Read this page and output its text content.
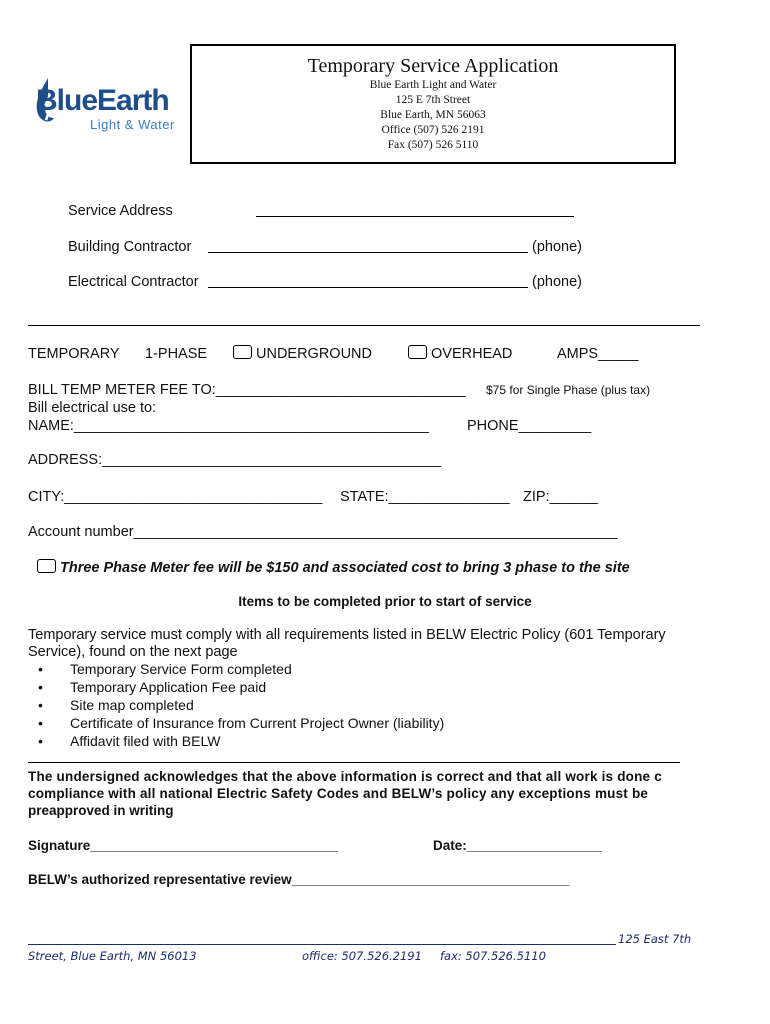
BlueEarth
Light & Water
Temporary Service Application
Blue Earth Light and Water
125 E 7th Street
Blue Earth, MN 56063
Office (507) 526 2191
Fax (507) 526 5110
Service Address
Building Contractor	(phone)
Electrical Contractor	(phone)
TEMPORARY 1-PHASE	UNDERGROUND	OVERHEAD	AMPS_____
BILL TEMP METER FEE TO:_______________________________ $75 for Single Phase (plus tax)
Bill electrical use to:
NAME:____________________________________________	PHONE_________
ADDRESS:__________________________________________
CITY:________________________________ STATE:_______________ ZIP:______
Account number____________________________________________________________
Three Phase Meter fee will be $150 and associated cost to bring 3 phase to the site
Items to be completed prior to start of service
Temporary service must comply with all requirements listed in BELW Electric Policy (601 Temporary
Service), found on the next page
• Temporary Service Form completed
• Temporary Application Fee paid
• Site map completed
• Certificate of Insurance from Current Project Owner (liability)
• Affidavit filed with BELW
The undersigned acknowledges that the above information is correct and that all work is done c
compliance with all national Electric Safety Codes and BELW’s policy any exceptions must be
preapproved in writing
Signature_________________________________	Date:__________________
BELW’s authorized representative review_____________________________________
125 East 7th
Street, Blue Earth, MN 56013	office: 507.526.2191 fax: 507.526.5110
